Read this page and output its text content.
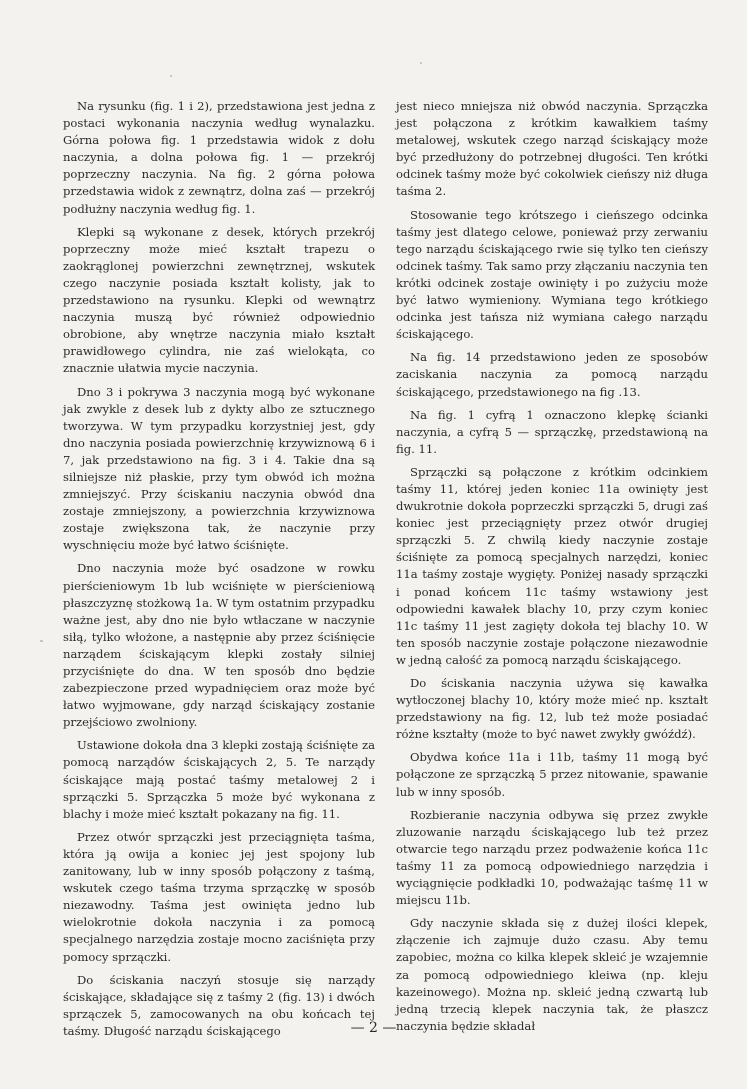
Na rysunku (fig. 1 i 2), przedstawiona jest jedna z postaci wykonania naczynia według wynalazku. Górna połowa fig. 1 przedstawia widok z dołu naczynia, a dolna połowa fig. 1 — przekrój poprzeczny naczynia. Na fig. 2 górna połowa przedstawia widok z zewnątrz, dolna zaś — przekrój podłużny naczynia według fig. 1.

Klepki są wykonane z desek, których przekrój poprzeczny może mieć kształt trapezu o zaokrąglonej powierzchni zewnętrznej, wskutek czego naczynie posiada kształt kolisty, jak to przedstawiono na rysunku. Klepki od wewnątrz naczynia muszą być również odpowiednio obrobione, aby wnętrze naczynia miało kształt prawidłowego cylindra, nie zaś wielokąta, co znacznie ułatwia mycie naczynia.

Dno 3 i pokrywa 3 naczynia mogą być wykonane jak zwykle z desek lub z dykty albo ze sztucznego tworzywa. W tym przypadku korzystniej jest, gdy dno naczynia posiada powierzchnię krzywiznową 6 i 7, jak przedstawiono na fig. 3 i 4. Takie dna są silniejsze niż płaskie, przy tym obwód ich można zmniejszyć. Przy ściskaniu naczynia obwód dna zostaje zmniejszony, a powierzchnia krzywiznowa zostaje zwiększona tak, że naczynie przy wyschnięciu może być łatwo ściśnięte.

Dno naczynia może być osadzone w rowku pierścieniowym 1b lub wciśnięte w pierścieniową płaszczyznę stożkową 1a. W tym ostatnim przypadku ważne jest, aby dno nie było wtłaczane w naczynie siłą, tylko włożone, a następnie aby przez ściśnięcie narządem ściskającym klepki zostały silniej przyciśnięte do dna. W ten sposób dno będzie zabezpieczone przed wypadnięciem oraz może być łatwo wyjmowane, gdy narząd ściskający zostanie przejściowo zwolniony.

Ustawione dokoła dna 3 klepki zostają ściśnięte za pomocą narządów ściskających 2, 5. Te narządy ściskające mają postać taśmy metalowej 2 i sprzączki 5. Sprzączka 5 może być wykonana z blachy i może mieć kształt pokazany na fig. 11.

Przez otwór sprzączki jest przeciągnięta taśma, która ją owija a koniec jej jest spojony lub zanitowany, lub w inny sposób połączony z taśmą, wskutek czego taśma trzyma sprzączkę w sposób niezawodny. Taśma jest owinięta jedno lub wielokrotnie dokoła naczynia i za pomocą specjalnego narzędzia zostaje mocno zaciśnięta przy pomocy sprzączki.

Do ściskania naczyń stosuje się narządy ściskające, składające się z taśmy 2 (fig. 13) i dwóch sprzączek 5, zamocowanych na obu końcach tej taśmy. Długość narządu ściskającego

jest nieco mniejsza niż obwód naczynia. Sprzączka jest połączona z krótkim kawałkiem taśmy metalowej, wskutek czego narząd ściskający może być przedłużony do potrzebnej długości. Ten krótki odcinek taśmy może być cokolwiek cieńszy niż długa taśma 2.

Stosowanie tego krótszego i cieńszego odcinka taśmy jest dlatego celowe, ponieważ przy zerwaniu tego narządu ściskającego rwie się tylko ten cieńszy odcinek taśmy. Tak samo przy złączaniu naczynia ten krótki odcinek zostaje owinięty i po zużyciu może być łatwo wymieniony. Wymiana tego krótkiego odcinka jest tańsza niż wymiana całego narządu ściskającego.

Na fig. 14 przedstawiono jeden ze sposobów zaciskania naczynia za pomocą narządu ściskającego, przedstawionego na fig .13.

Na fig. 1 cyfrą 1 oznaczono klepkę ścianki naczynia, a cyfrą 5 — sprzączkę, przedstawioną na fig. 11.

Sprzączki są połączone z krótkim odcinkiem taśmy 11, której jeden koniec 11a owinięty jest dwukrotnie dokoła poprzeczki sprzączki 5, drugi zaś koniec jest przeciągnięty przez otwór drugiej sprzączki 5. Z chwilą kiedy naczynie zostaje ściśnięte za pomocą specjalnych narzędzi, koniec 11a taśmy zostaje wygięty. Poniżej nasady sprzączki i ponad końcem 11c taśmy wstawiony jest odpowiedni kawałek blachy 10, przy czym koniec 11c taśmy 11 jest zagięty dokoła tej blachy 10. W ten sposób naczynie zostaje połączone niezawodnie w jedną całość za pomocą narządu ściskającego.

Do ściskania naczynia używa się kawałka wytłoczonej blachy 10, który może mieć np. kształt przedstawiony na fig. 12, lub też może posiadać różne kształty (może to być nawet zwykły gwóźdź).

Obydwa końce 11a i 11b, taśmy 11 mogą być połączone ze sprzączką 5 przez nitowanie, spawanie lub w inny sposób.

Rozbieranie naczynia odbywa się przez zwykłe zluzowanie narządu ściskającego lub też przez otwarcie tego narządu przez podważenie końca 11c taśmy 11 za pomocą odpowiedniego narzędzia i wyciągnięcie podkładki 10, podważając taśmę 11 w miejscu 11b.

Gdy naczynie składa się z dużej ilości klepek, złączenie ich zajmuje dużo czasu. Aby temu zapobiec, można co kilka klepek skleić je wzajemnie za pomocą odpowiedniego kleiwa (np. kleju kazeinowego). Można np. skleić jedną czwartą lub jedną trzecią klepek naczynia tak, że płaszcz naczynia będzie składał

— 2 —
